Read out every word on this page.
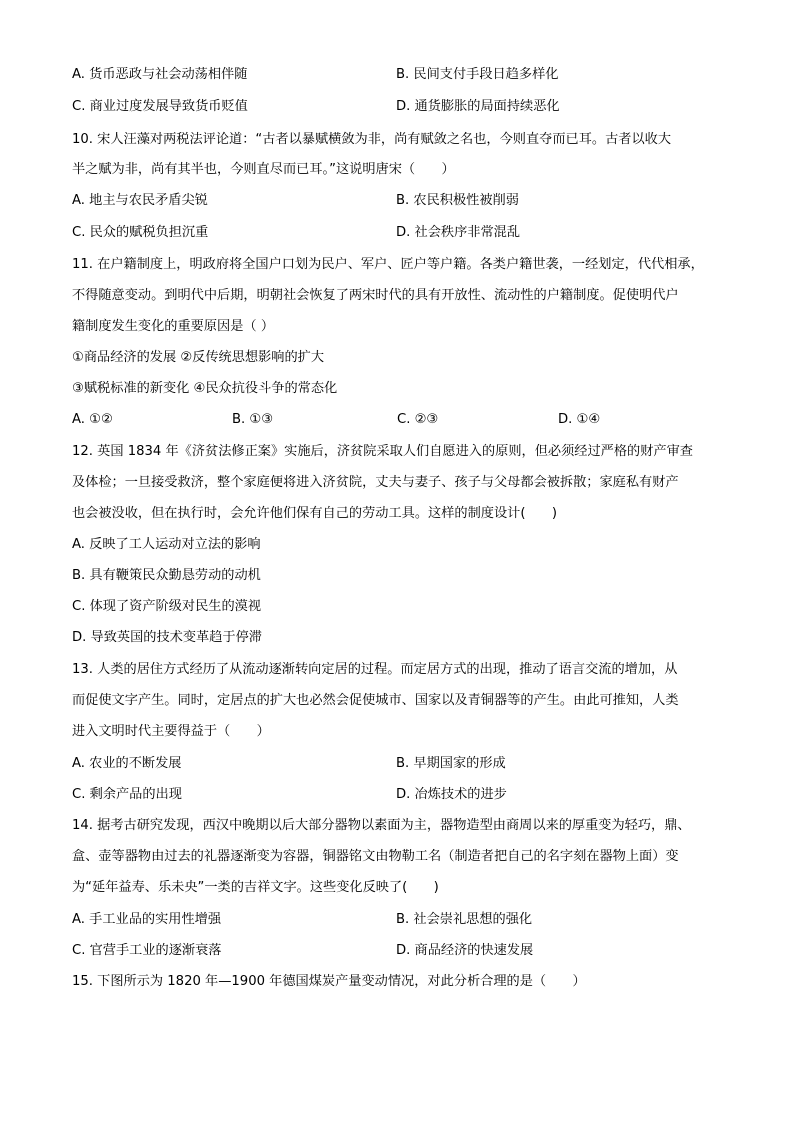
A. 货币恶政与社会动荡相伴随	B. 民间支付手段日趋多样化
C. 商业过度发展导致货币贬值	D. 通货膨胀的局面持续恶化
10. 宋人汪藻对两税法评论道：“古者以暴赋横敛为非，尚有赋敛之名也，今则直夺而已耳。古者以收大
半之赋为非，尚有其半也，今则直尽而已耳。”这说明唐宋（　　）
A. 地主与农民矛盾尖锐	B. 农民积极性被削弱
C. 民众的赋税负担沉重	D. 社会秩序非常混乱
11. 在户籍制度上，明政府将全国户口划为民户、军户、匠户等户籍。各类户籍世袭，一经划定，代代相承，
不得随意变动。到明代中后期，明朝社会恢复了两宋时代的具有开放性、流动性的户籍制度。促使明代户
籍制度发生变化的重要原因是（ ）
①商品经济的发展 ②反传统思想影响的扩大
③赋税标准的新变化 ④民众抗役斗争的常态化
A. ①②	B. ①③	C. ②③	D. ①④
12. 英国 1834 年《济贫法修正案》实施后，济贫院采取人们自愿进入的原则，但必须经过严格的财产审查
及体检；一旦接受救济，整个家庭便将进入济贫院，丈夫与妻子、孩子与父母都会被拆散；家庭私有财产
也会被没收，但在执行时，会允许他们保有自己的劳动工具。这样的制度设计(　　)
A. 反映了工人运动对立法的影响
B. 具有鞭策民众勤恳劳动的动机
C. 体现了资产阶级对民生的漠视
D. 导致英国的技术变革趋于停滞
13. 人类的居住方式经历了从流动逐渐转向定居的过程。而定居方式的出现，推动了语言交流的增加，从
而促使文字产生。同时，定居点的扩大也必然会促使城市、国家以及青铜器等的产生。由此可推知，人类
进入文明时代主要得益于（　　）
A. 农业的不断发展	B. 早期国家的形成
C. 剩余产品的出现	D. 冶炼技术的进步
14. 据考古研究发现，西汉中晚期以后大部分器物以素面为主，器物造型由商周以来的厚重变为轻巧，鼎、
盒、壶等器物由过去的礼器逐渐变为容器，铜器铭文由物勒工名（制造者把自己的名字刻在器物上面）变
为“延年益寿、乐未央”一类的吉祥文字。这些变化反映了(　　)
A. 手工业品的实用性增强	B. 社会崇礼思想的强化
C. 官营手工业的逐渐衰落	D. 商品经济的快速发展
15. 下图所示为 1820 年—1900 年德国煤炭产量变动情况，对此分析合理的是（　　）
